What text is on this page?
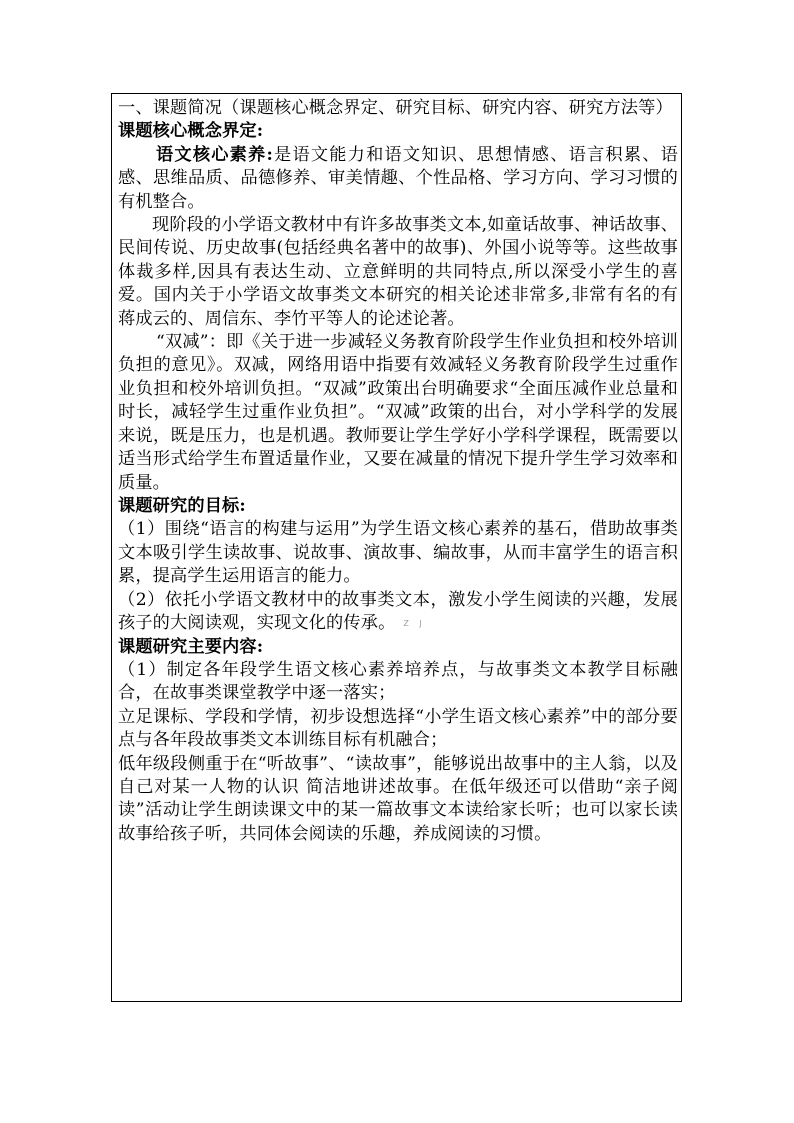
一、课题简况（课题核心概念界定、研究目标、研究内容、研究方法等）

课题核心概念界定:

语文核心素养:是语文能力和语文知识、思想情感、语言积累、语感、思维品质、品德修养、审美情趣、个性品格、学习方向、学习习惯的有机整合。

现阶段的小学语文教材中有许多故事类文本,如童话故事、神话故事、民间传说、历史故事(包括经典名著中的故事)、外国小说等等。这些故事体裁多样,因具有表达生动、立意鲜明的共同特点,所以深受小学生的喜爱。国内关于小学语文故事类文本研究的相关论述非常多,非常有名的有蒋成云的、周信东、李竹平等人的论述论著。

“双减”：即《关于进一步减轻义务教育阶段学生作业负担和校外培训负担的意见》。双减，网络用语中指要有效减轻义务教育阶段学生过重作业负担和校外培训负担。“双减”政策出台明确要求“全面压减作业总量和时长，减轻学生过重作业负担”。“双减”政策的出台，对小学科学的发展来说，既是压力，也是机遇。教师要让学生学好小学科学课程，既需要以适当形式给学生布置适量作业，又要在减量的情况下提升学生学习效率和质量。

课题研究的目标:

（1）围绕“语言的构建与运用”为学生语文核心素养的基石，借助故事类文本吸引学生读故事、说故事、演故事、编故事，从而丰富学生的语言积累，提高学生运用语言的能力。

（2）依托小学语文教材中的故事类文本，激发小学生阅读的兴趣，发展孩子的大阅读观，实现文化的传承。 Z J

课题研究主要内容:

（1）制定各年段学生语文核心素养培养点，与故事类文本教学目标融合，在故事类课堂教学中逐一落实；

立足课标、学段和学情，初步设想选择“小学生语文核心素养”中的部分要点与各年段故事类文本训练目标有机融合；

低年级段侧重于在“听故事”、“读故事”，能够说出故事中的主人翁，以及自己对某一人物的认识 简洁地讲述故事。在低年级还可以借助“亲子阅读”活动让学生朗读课文中的某一篇故事文本读给家长听；也可以家长读故事给孩子听，共同体会阅读的乐趣，养成阅读的习惯。
